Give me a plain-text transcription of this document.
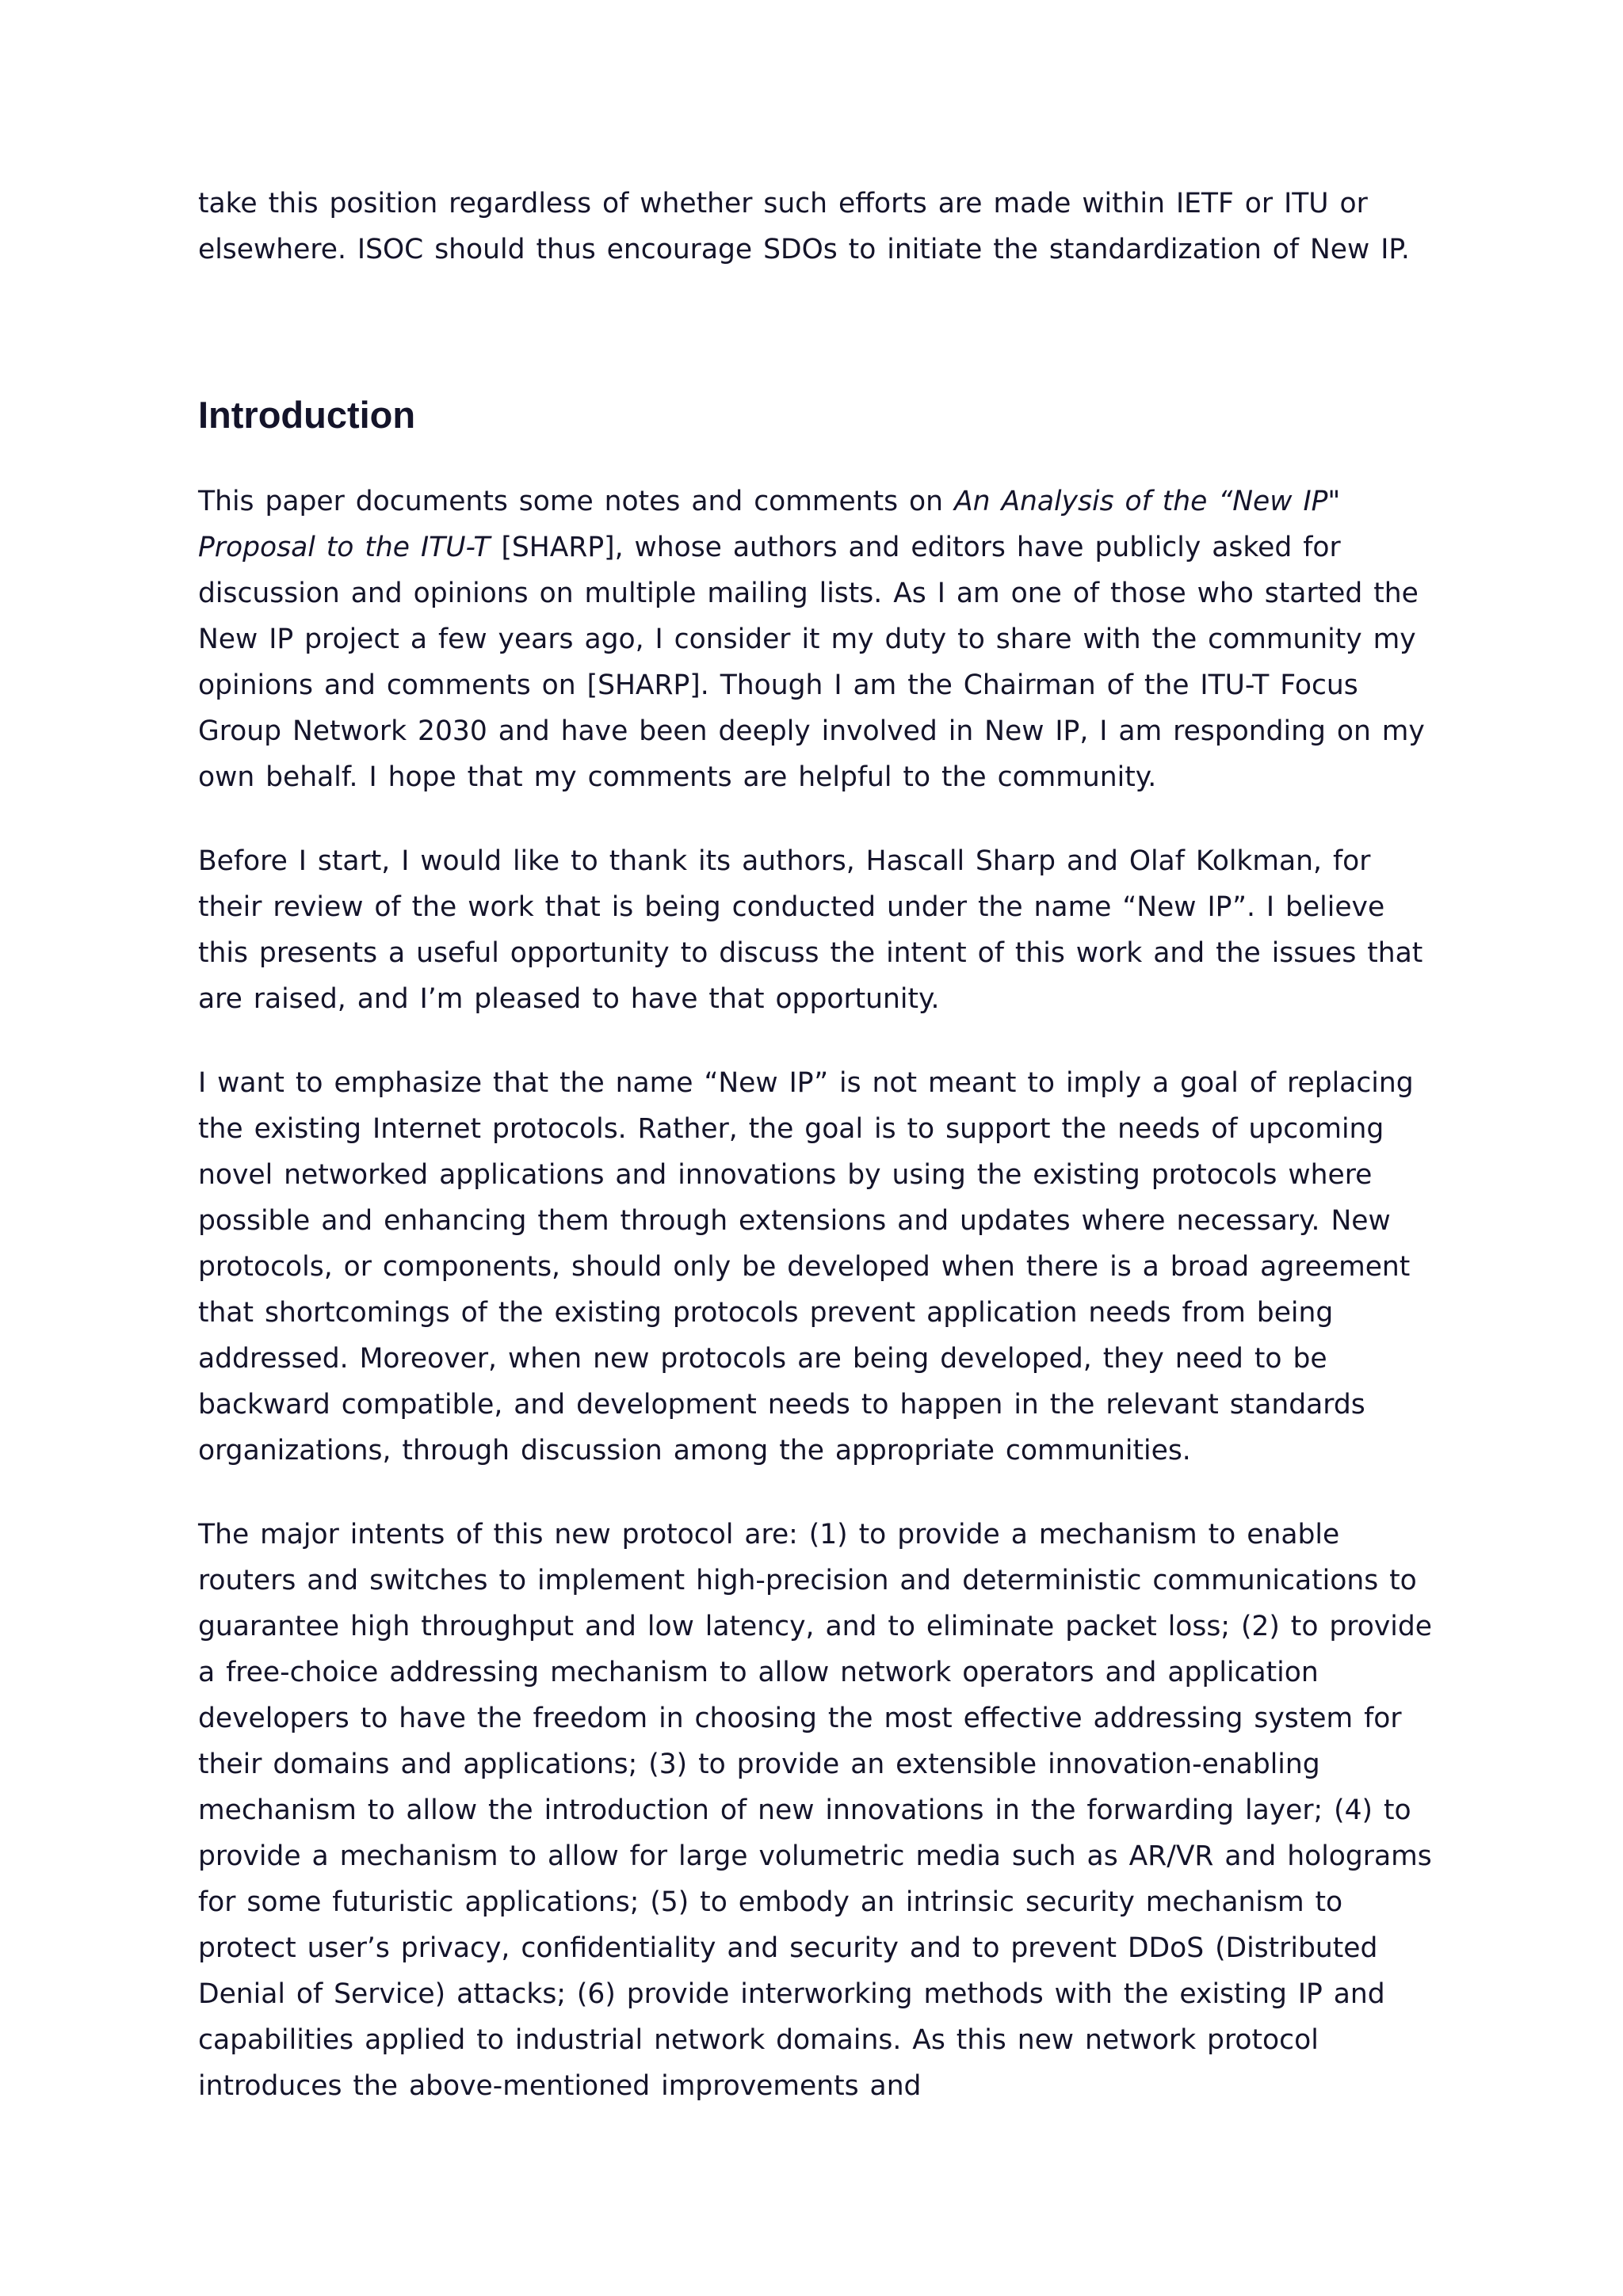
take this position regardless of whether such efforts are made within IETF or ITU or elsewhere. ISOC should thus encourage SDOs to initiate the standardization of New IP.

Introduction

This paper documents some notes and comments on An Analysis of the “New IP" Proposal to the ITU-T [SHARP], whose authors and editors have publicly asked for discussion and opinions on multiple mailing lists. As I am one of those who started the New IP project a few years ago, I consider it my duty to share with the community my opinions and comments on [SHARP]. Though I am the Chairman of the ITU-T Focus Group Network 2030 and have been deeply involved in New IP, I am responding on my own behalf. I hope that my comments are helpful to the community.

Before I start, I would like to thank its authors, Hascall Sharp and Olaf Kolkman, for their review of the work that is being conducted under the name “New IP”. I believe this presents a useful opportunity to discuss the intent of this work and the issues that are raised, and I’m pleased to have that opportunity.

I want to emphasize that the name “New IP” is not meant to imply a goal of replacing the existing Internet protocols. Rather, the goal is to support the needs of upcoming novel networked applications and innovations by using the existing protocols where possible and enhancing them through extensions and updates where necessary. New protocols, or components, should only be developed when there is a broad agreement that shortcomings of the existing protocols prevent application needs from being addressed. Moreover, when new protocols are being developed, they need to be backward compatible, and development needs to happen in the relevant standards organizations, through discussion among the appropriate communities.

The major intents of this new protocol are: (1) to provide a mechanism to enable routers and switches to implement high-precision and deterministic communications to guarantee high throughput and low latency, and to eliminate packet loss; (2) to provide a free-choice addressing mechanism to allow network operators and application developers to have the freedom in choosing the most effective addressing system for their domains and applications; (3) to provide an extensible innovation-enabling mechanism to allow the introduction of new innovations in the forwarding layer; (4) to provide a mechanism to allow for large volumetric media such as AR/VR and holograms for some futuristic applications; (5) to embody an intrinsic security mechanism to protect user’s privacy, confidentiality and security and to prevent DDoS (Distributed Denial of Service) attacks; (6) provide interworking methods with the existing IP and capabilities applied to industrial network domains. As this new network protocol introduces the above-mentioned improvements and
